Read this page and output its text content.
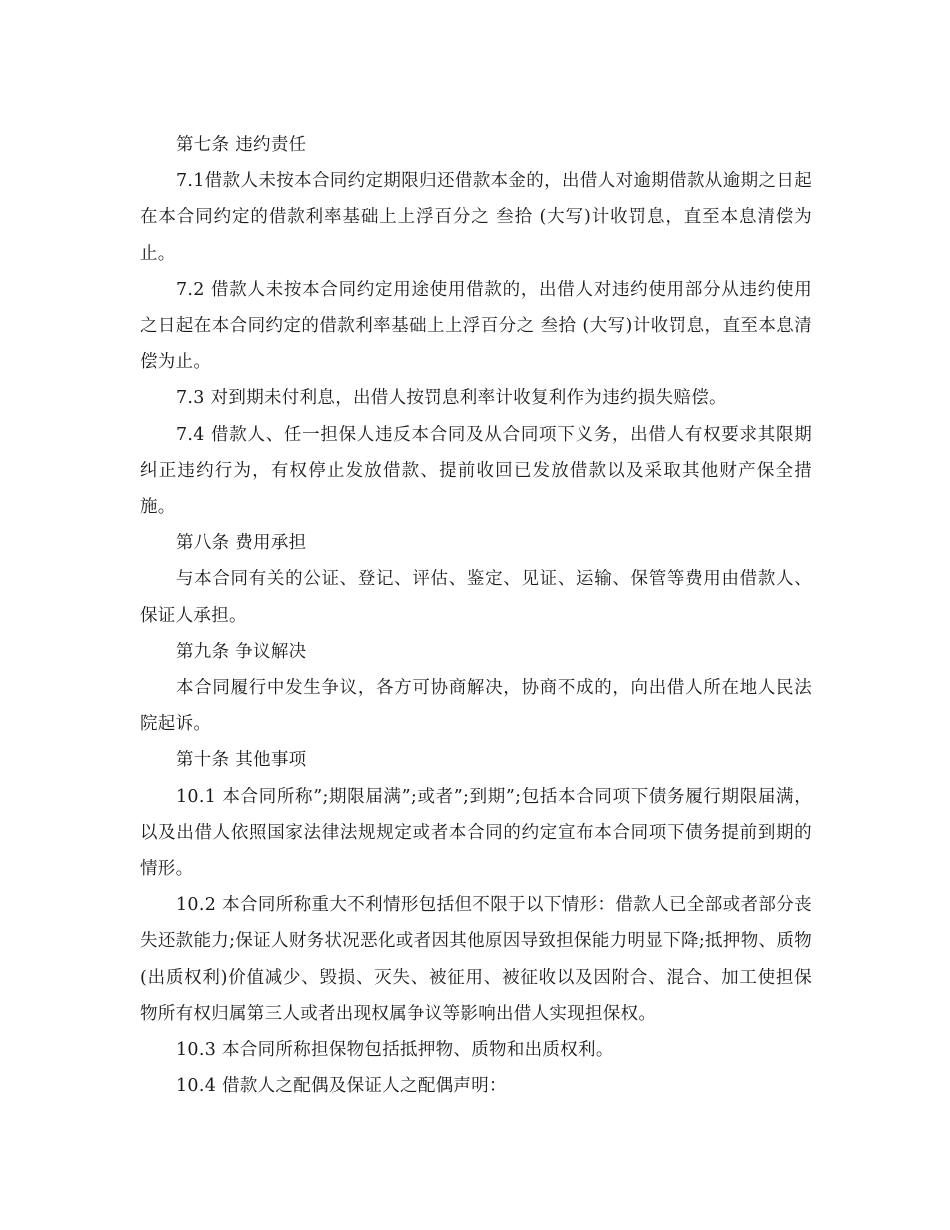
第七条 违约责任

7.1借款人未按本合同约定期限归还借款本金的，出借人对逾期借款从逾期之日起在本合同约定的借款利率基础上上浮百分之 叁拾 (大写)计收罚息，直至本息清偿为止。

7.2 借款人未按本合同约定用途使用借款的，出借人对违约使用部分从违约使用之日起在本合同约定的借款利率基础上上浮百分之 叁拾 (大写)计收罚息，直至本息清偿为止。

7.3 对到期未付利息，出借人按罚息利率计收复利作为违约损失赔偿。

7.4 借款人、任一担保人违反本合同及从合同项下义务，出借人有权要求其限期纠正违约行为，有权停止发放借款、提前收回已发放借款以及采取其他财产保全措施。

第八条 费用承担

与本合同有关的公证、登记、评估、鉴定、见证、运输、保管等费用由借款人、保证人承担。

第九条 争议解决

本合同履行中发生争议，各方可协商解决，协商不成的，向出借人所在地人民法院起诉。

第十条 其他事项

10.1 本合同所称”;期限届满”;或者”;到期”;包括本合同项下债务履行期限届满，以及出借人依照国家法律法规规定或者本合同的约定宣布本合同项下债务提前到期的情形。

10.2 本合同所称重大不利情形包括但不限于以下情形：借款人已全部或者部分丧失还款能力;保证人财务状况恶化或者因其他原因导致担保能力明显下降;抵押物、质物(出质权利)价值减少、毁损、灭失、被征用、被征收以及因附合、混合、加工使担保物所有权归属第三人或者出现权属争议等影响出借人实现担保权。

10.3 本合同所称担保物包括抵押物、质物和出质权利。

10.4 借款人之配偶及保证人之配偶声明：
